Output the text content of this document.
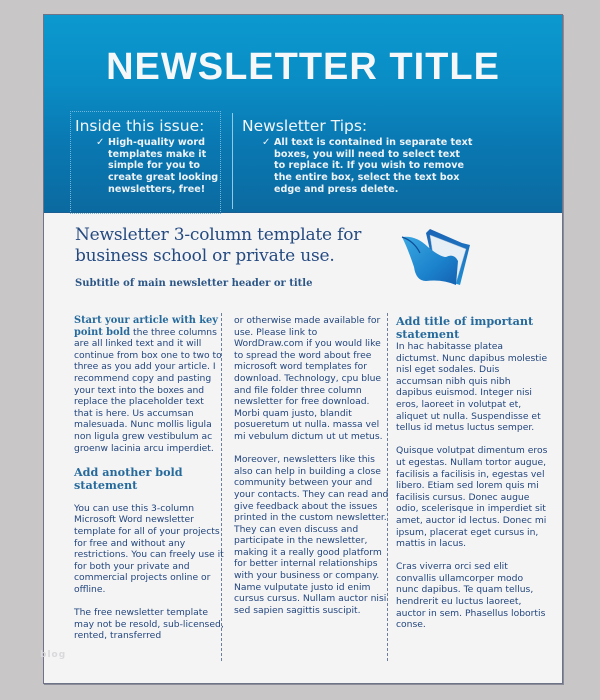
NEWSLETTER TITLE
Inside this issue:
✓ High-quality word templates make it simple for you to create great looking newsletters, free!
Newsletter Tips:
✓ All text is contained in separate text boxes, you will need to select text to replace it. If you wish to remove the entire box, select the text box edge and press delete.
Newsletter 3-column template for business school or private use.
Subtitle of main newsletter header or title

Start your article with key point bold the three columns are all linked text and it will continue from box one to two to three as you add your article. I recommend copy and pasting your text into the boxes and replace the placeholder text that is here. Us accumsan malesuada. Nunc mollis ligula non ligula grew vestibulum ac groenw lacinia arcu imperdiet.

Add another bold statement

You can use this 3-column Microsoft Word newsletter template for all of your projects for free and without any restrictions. You can freely use it for both your private and commercial projects online or offline.

The free newsletter template may not be resold, sub-licensed, rented, transferred

or otherwise made available for use. Please link to WordDraw.com if you would like to spread the word about free microsoft word templates for download. Technology, cpu blue and file folder three column newsletter for free download. Morbi quam justo, blandit posueretum ut nulla. massa vel mi vebulum dictum ut ut metus.

Moreover, newsletters like this also can help in building a close community between your and your contacts. They can read and give feedback about the issues printed in the custom newsletter. They can even discuss and participate in the newsletter, making it a really good platform for better internal relationships with your business or company. Name vulputate justo id enim cursus cursus. Nullam auctor nisi sed sapien sagittis suscipit.

Add title of important statement

In hac habitasse platea dictumst. Nunc dapibus molestie nisl eget sodales. Duis accumsan nibh quis nibh dapibus euismod. Integer nisi eros, laoreet in volutpat et, aliquet ut nulla. Suspendisse et tellus id metus luctus semper.

Quisque volutpat dimentum eros ut egestas. Nullam tortor augue, facilisis a facilisis in, egestas vel libero. Etiam sed lorem quis mi facilisis cursus. Donec augue odio, scelerisque in imperdiet sit amet, auctor id lectus. Donec mi ipsum, placerat eget cursus in, mattis in lacus.

Cras viverra orci sed elit convallis ullamcorper modo nunc dapibus. Te quam tellus, hendrerit eu luctus laoreet, auctor in sem. Phasellus lobortis conse.

blog
